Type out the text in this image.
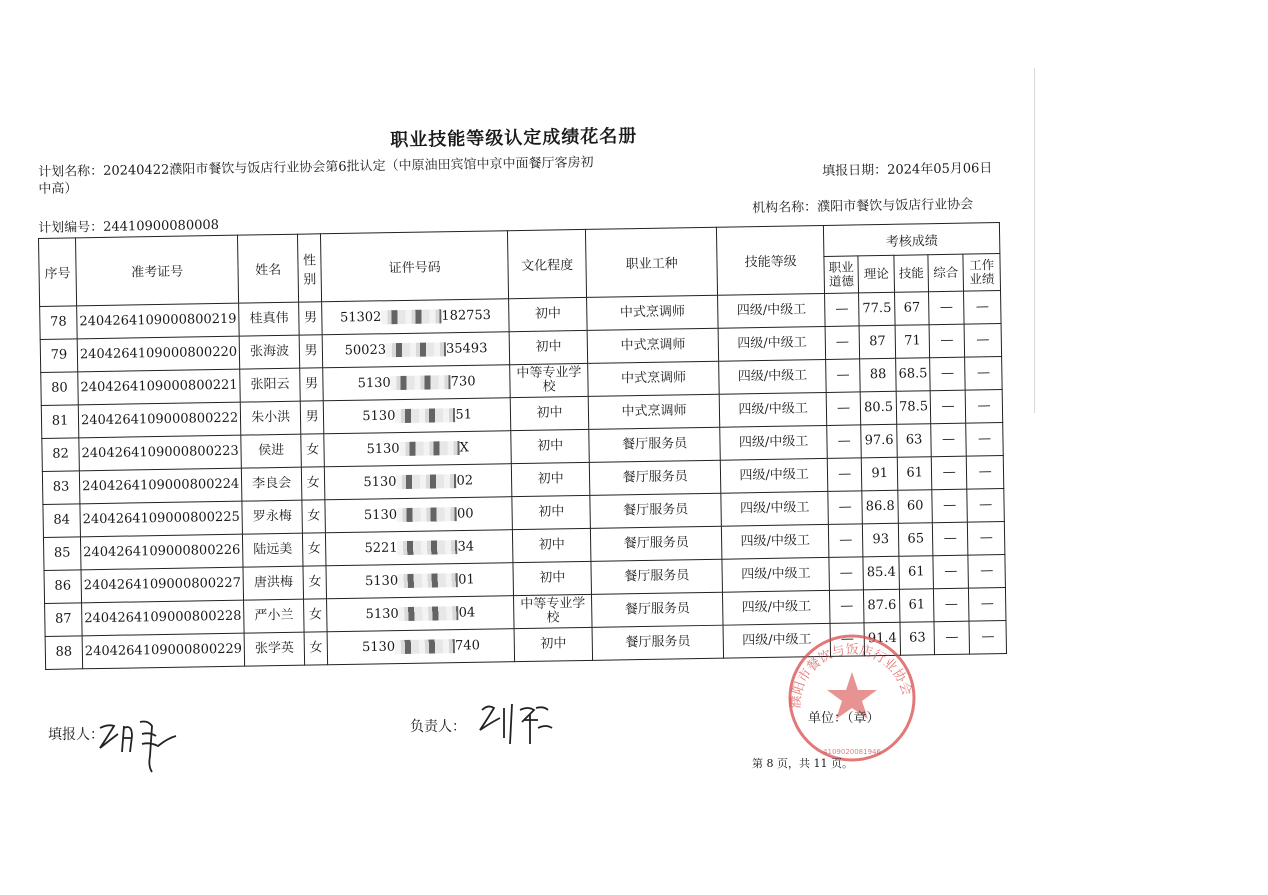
职业技能等级认定成绩花名册
计划名称：20240422濮阳市餐饮与饭店行业协会第6批认定（中原油田宾馆中京中面餐厅客房初中高）
填报日期：2024年05月06日
机构名称：濮阳市餐饮与饭店行业协会
计划编号：24410900080008
序号	准考证号	姓名	性别	证件号码	文化程度	职业工种	技能等级	考核成绩				
								职业道德	理论	技能	综合	工作业绩
78	2404264109000800219	桂真伟	男	51302 182753	初中	中式烹调师	四级/中级工	—	77.5	67	—	—
79	2404264109000800220	张海波	男	50023 35493	初中	中式烹调师	四级/中级工	—	87	71	—	—
80	2404264109000800221	张阳云	男	5130 730	中等专业学校	中式烹调师	四级/中级工	—	88	68.5	—	—
81	2404264109000800222	朱小洪	男	5130 51	初中	中式烹调师	四级/中级工	—	80.5	78.5	—	—
82	2404264109000800223	侯进	女	5130 X	初中	餐厅服务员	四级/中级工	—	97.6	63	—	—
83	2404264109000800224	李良会	女	5130 02	初中	餐厅服务员	四级/中级工	—	91	61	—	—
84	2404264109000800225	罗永梅	女	5130 00	初中	餐厅服务员	四级/中级工	—	86.8	60	—	—
85	2404264109000800226	陆远美	女	5221 34	初中	餐厅服务员	四级/中级工	—	93	65	—	—
86	2404264109000800227	唐洪梅	女	5130 01	初中	餐厅服务员	四级/中级工	—	85.4	61	—	—
87	2404264109000800228	严小兰	女	5130 04	中等专业学校	餐厅服务员	四级/中级工	—	87.6	61	—	—
88	2404264109000800229	张学英	女	5130 740	初中	餐厅服务员	四级/中级工	—	91.4	63	—	—
填报人：	负责人：
濮阳市餐饮与饭店行业协会
4109020081946
单位：（章）
第 8 页，共 11 页。
